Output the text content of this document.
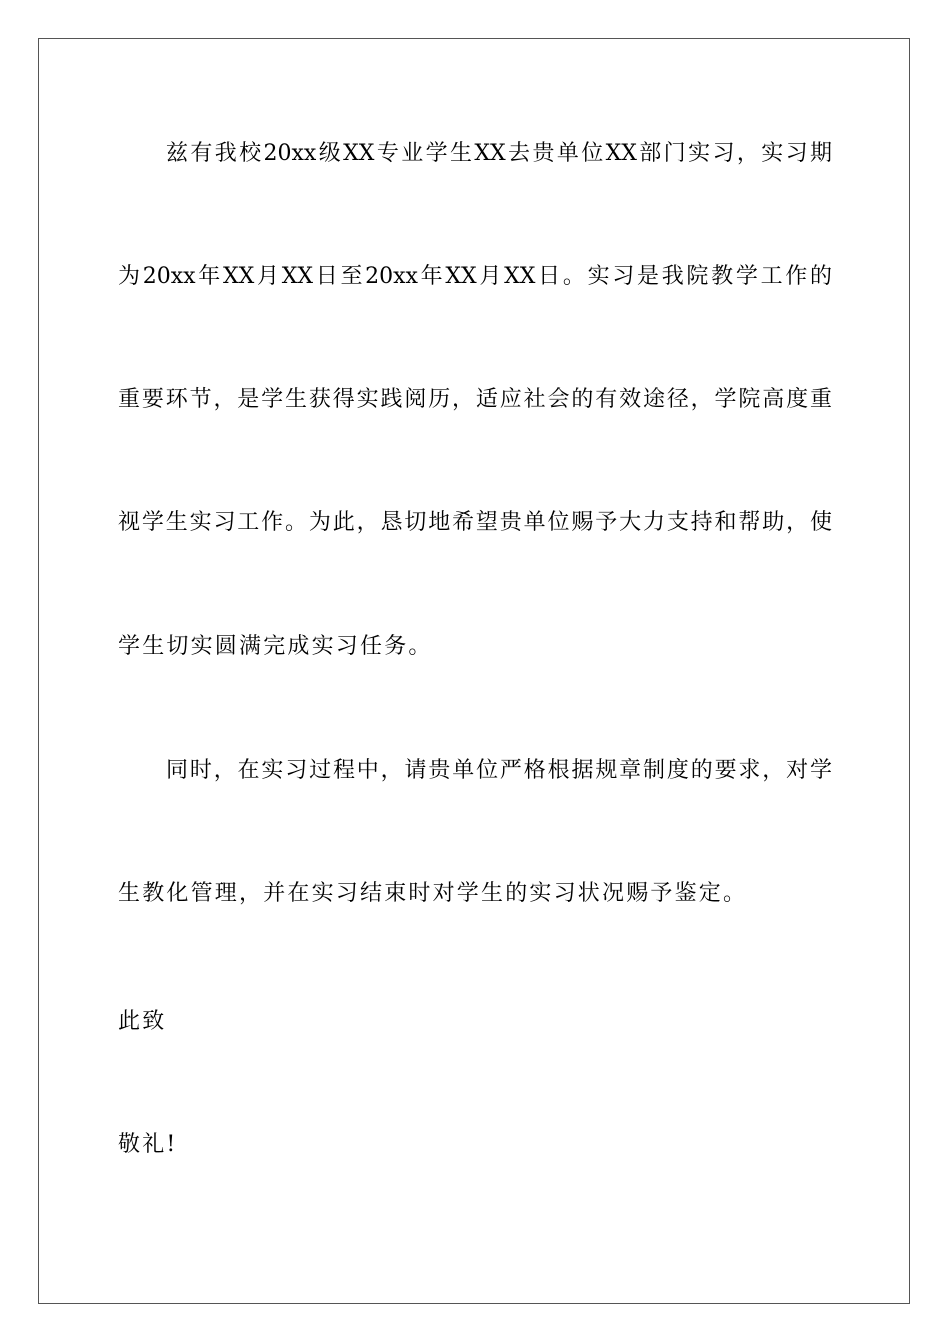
兹有我校20xx级XX专业学生XX去贵单位XX部门实习，实习期
为20xx年XX月XX日至20xx年XX月XX日。实习是我院教学工作的
重要环节，是学生获得实践阅历，适应社会的有效途径，学院高度重
视学生实习工作。为此，恳切地希望贵单位赐予大力支持和帮助，使
学生切实圆满完成实习任务。
同时，在实习过程中，请贵单位严格根据规章制度的要求，对学
生教化管理，并在实习结束时对学生的实习状况赐予鉴定。
此致
敬礼!
